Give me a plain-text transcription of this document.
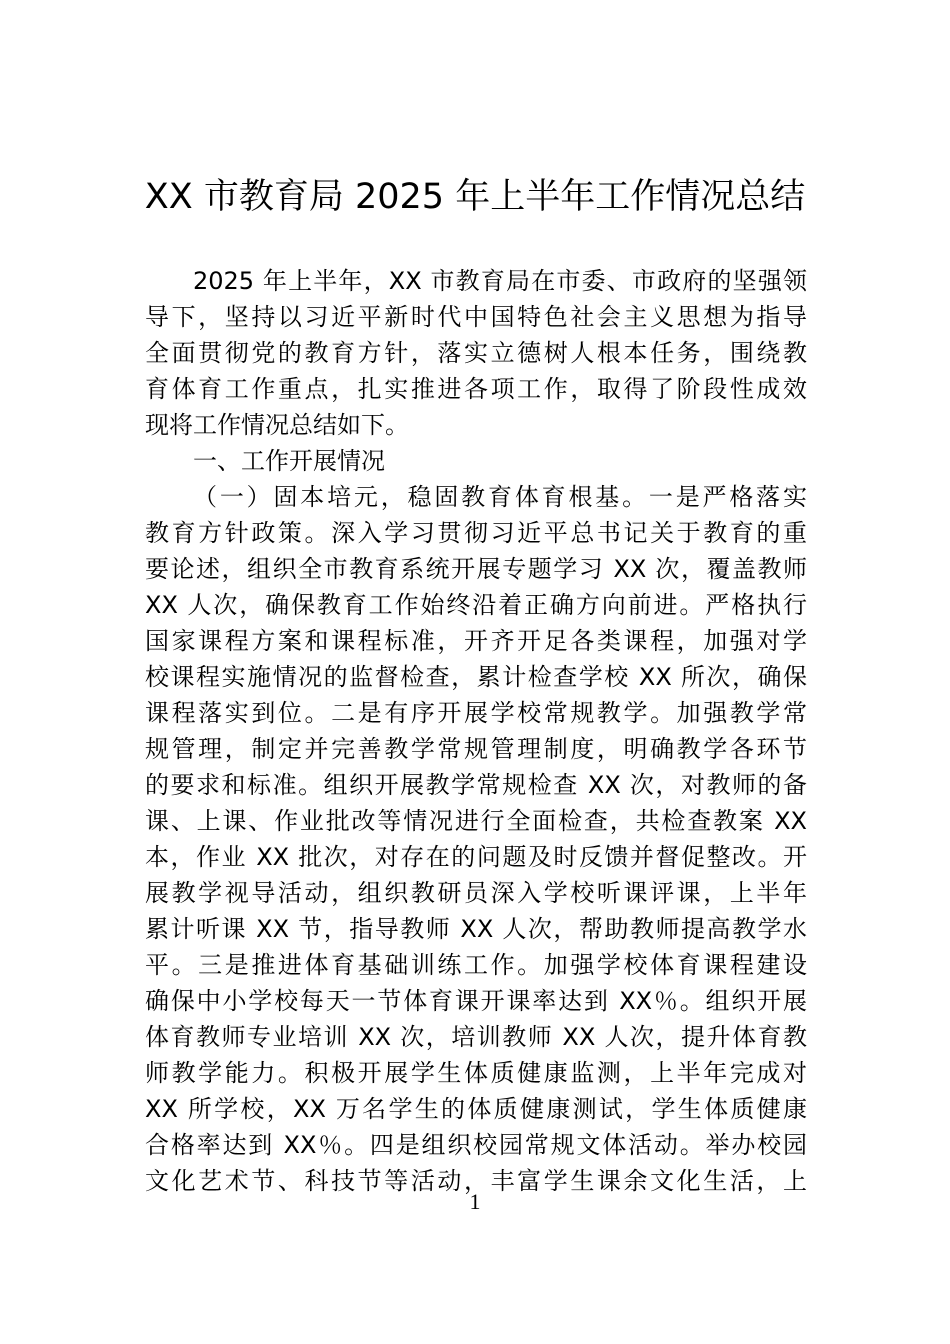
XX 市教育局 2025 年上半年工作情况总结
2025 年上半年，XX 市教育局在市委、市政府的坚强领
导下，坚持以习近平新时代中国特色社会主义思想为指导
全面贯彻党的教育方针，落实立德树人根本任务，围绕教
育体育工作重点，扎实推进各项工作，取得了阶段性成效
现将工作情况总结如下。
一、工作开展情况
（一）固本培元，稳固教育体育根基。一是严格落实
教育方针政策。深入学习贯彻习近平总书记关于教育的重
要论述，组织全市教育系统开展专题学习 XX 次，覆盖教师
XX 人次，确保教育工作始终沿着正确方向前进。严格执行
国家课程方案和课程标准，开齐开足各类课程，加强对学
校课程实施情况的监督检查，累计检查学校 XX 所次，确保
课程落实到位。二是有序开展学校常规教学。加强教学常
规管理，制定并完善教学常规管理制度，明确教学各环节
的要求和标准。组织开展教学常规检查 XX 次，对教师的备
课、上课、作业批改等情况进行全面检查，共检查教案 XX
本，作业 XX 批次，对存在的问题及时反馈并督促整改。开
展教学视导活动，组织教研员深入学校听课评课，上半年
累计听课 XX 节，指导教师 XX 人次，帮助教师提高教学水
平。三是推进体育基础训练工作。加强学校体育课程建设
确保中小学校每天一节体育课开课率达到 XX％。组织开展
体育教师专业培训 XX 次，培训教师 XX 人次，提升体育教
师教学能力。积极开展学生体质健康监测，上半年完成对
XX 所学校，XX 万名学生的体质健康测试，学生体质健康
合格率达到 XX％。四是组织校园常规文体活动。举办校园
文化艺术节、科技节等活动，丰富学生课余文化生活，上
1
